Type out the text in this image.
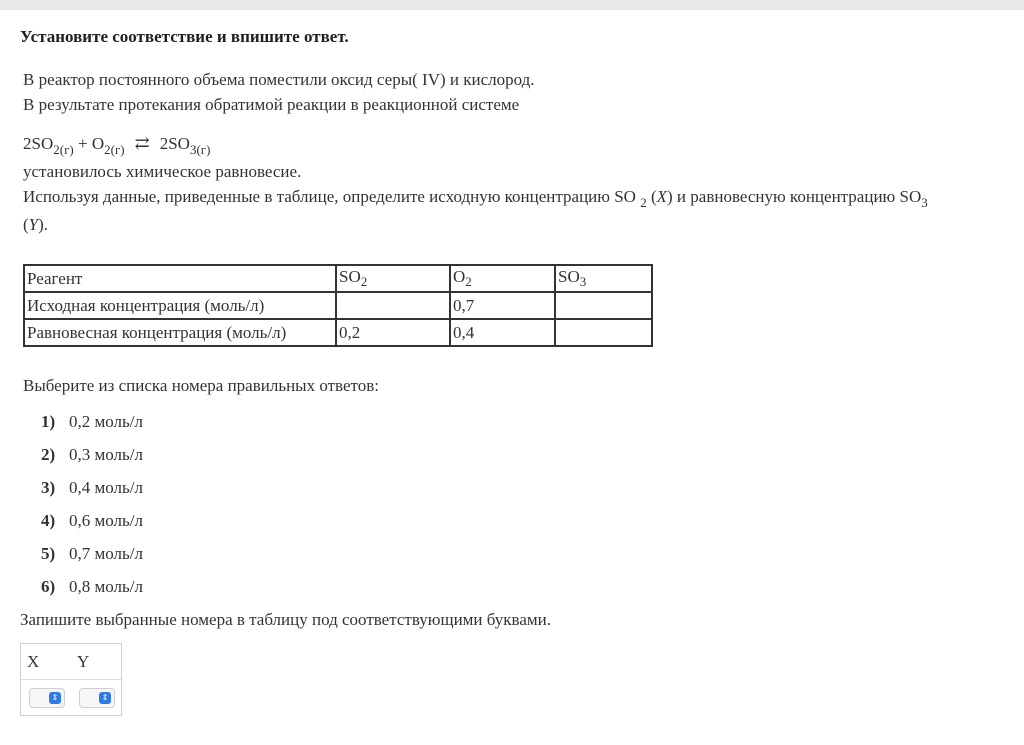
Установите соответствие и впишите ответ.
В реактор постоянного объема поместили оксид серы( IV) и кислород.
В результате протекания обратимой реакции в реакционной системе
$2SO_{2(г)} + O_{2(г)}$ ⇄ $2SO_{3(г)}$
установилось химическое равновесие.
Используя данные, приведенные в таблице, определите исходную концентрацию SO $_2$ (X) и равновесную концентрацию $SO_3$
(Y).
Реагент	$SO_2$	$O_2$	$SO_3$
Исходная концентрация (моль/л)		0,7	
Равновесная концентрация (моль/л)	0,2	0,4	
Выберите из списка номера правильных ответов:
1) 0,2 моль/л
2) 0,3 моль/л
3) 0,4 моль/л
4) 0,6 моль/л
5) 0,7 моль/л
6) 0,8 моль/л
Запишите выбранные номера в таблицу под соответствующими буквами.
X Y
⇕	⇕
